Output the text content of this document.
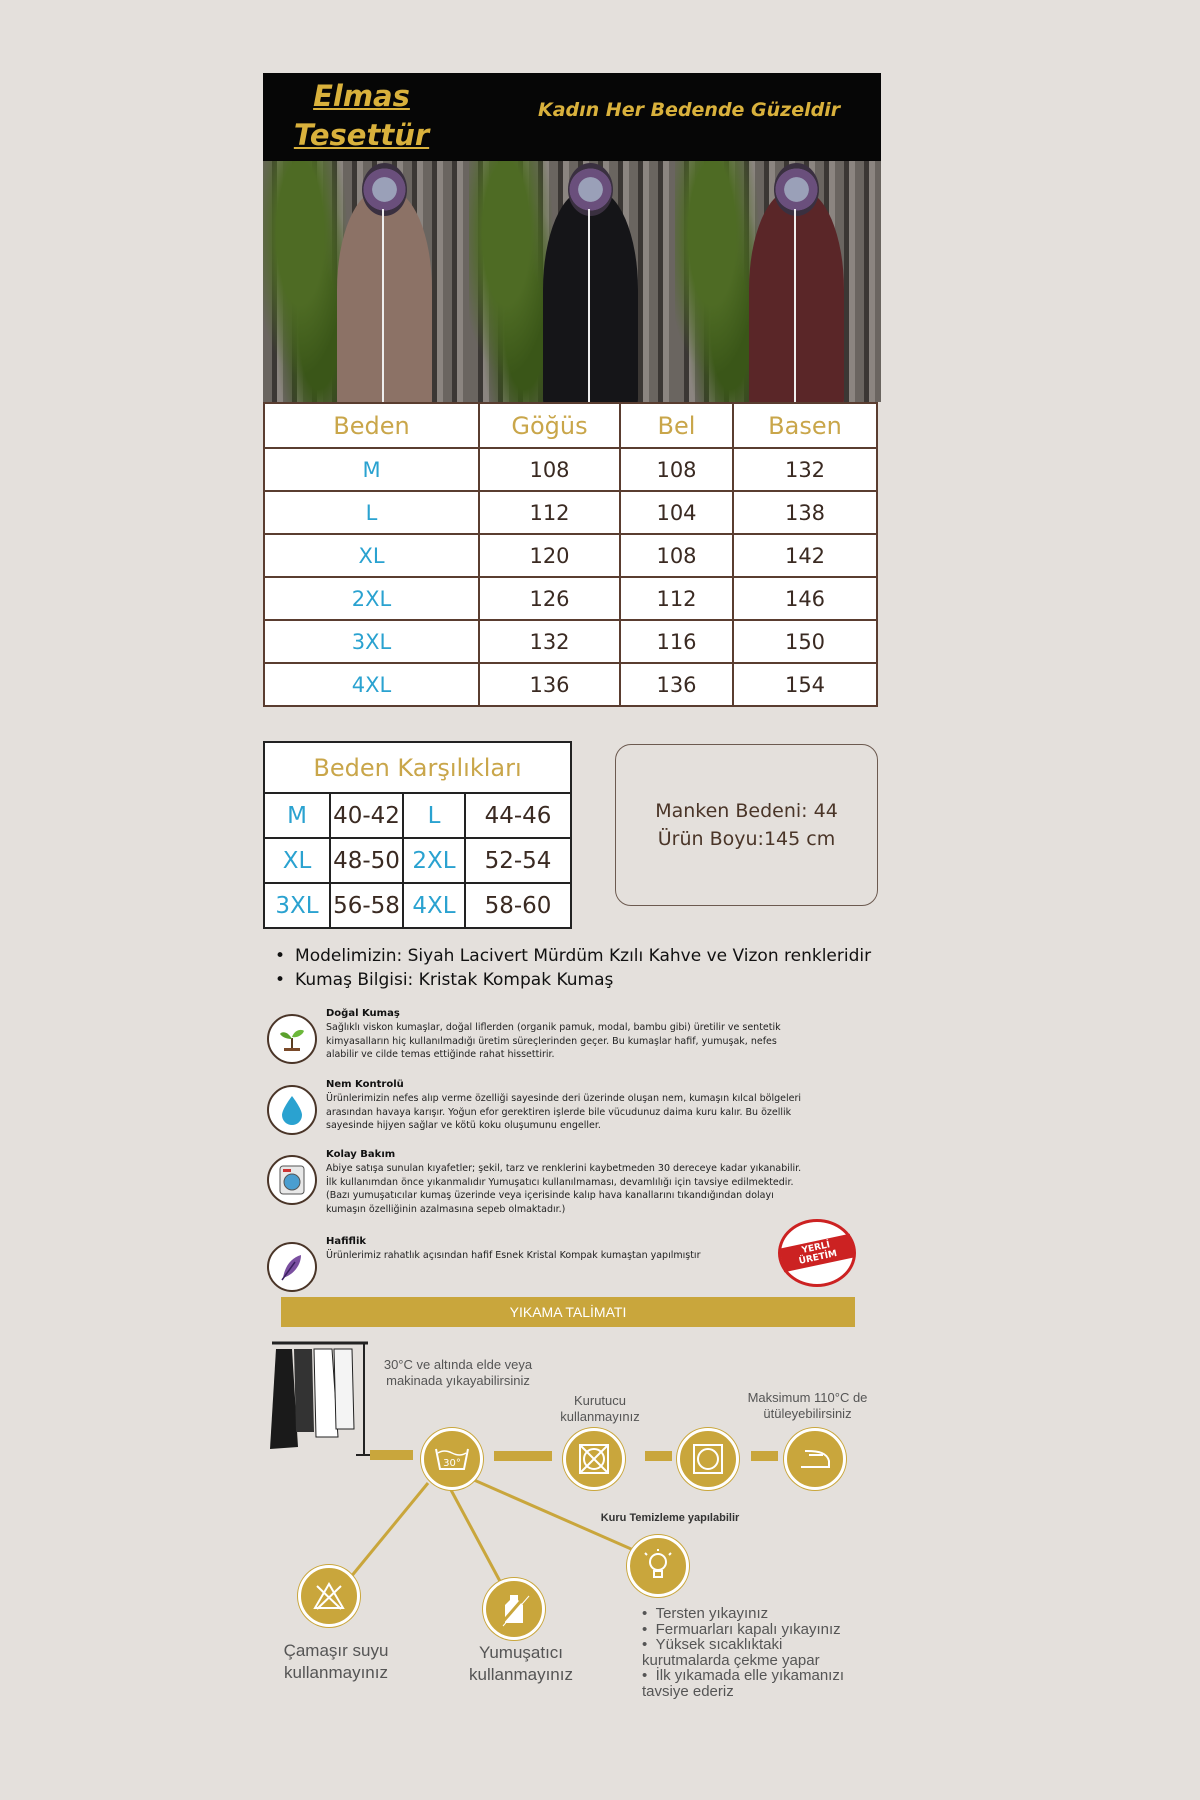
Elmas
Tesettür
Kadın Her Bedende Güzeldir
Beden	Göğüs	Bel	Basen
M	108	108	132
L	112	104	138
XL	120	108	142
2XL	126	112	146
3XL	132	116	150
4XL	136	136	154
Beden Karşılıkları			
M	40-42	L	44-46
XL	48-50	2XL	52-54
3XL	56-58	4XL	58-60
Manken Bedeni: 44
Ürün Boyu:145 cm
• Modelimizin: Siyah Lacivert Mürdüm Kzılı Kahve ve Vizon renkleridir
• Kumaş Bilgisi: Kristak Kompak Kumaş
Doğal Kumaş
Sağlıklı viskon kumaşlar, doğal liflerden (organik pamuk, modal, bambu gibi) üretilir ve sentetik kimyasalların hiç kullanılmadığı üretim süreçlerinden geçer. Bu kumaşlar hafif, yumuşak, nefes alabilir ve cilde temas ettiğinde rahat hissettirir.
Nem Kontrolü
Ürünlerimizin nefes alıp verme özelliği sayesinde deri üzerinde oluşan nem, kumaşın kılcal bölgeleri arasından havaya karışır. Yoğun efor gerektiren işlerde bile vücudunuz daima kuru kalır. Bu özellik sayesinde hijyen sağlar ve kötü koku oluşumunu engeller.
Kolay Bakım
Abiye satışa sunulan kıyafetler; şekil, tarz ve renklerini kaybetmeden 30 dereceye kadar yıkanabilir. İlk kullanımdan önce yıkanmalıdır Yumuşatıcı kullanılmaması, devamlılığı için tavsiye edilmektedir. (Bazı yumuşatıcılar kumaş üzerinde veya içerisinde kalıp hava kanallarını tıkandığından dolayı kumaşın özelliğinin azalmasına sepeb olmaktadır.)
Hafiflik
Ürünlerimiz rahatlık açısından hafif Esnek Kristal Kompak kumaştan yapılmıştır	YERLİ ÜRETİM
YIKAMA TALİMATI
30°
30°C ve altında elde veya makinada yıkayabilirsiniz
Kurutucu kullanmayınız
Maksimum 110°C de ütüleyebilirsiniz
Kuru Temizleme yapılabilir
Çamaşır suyu kullanmayınız
Yumuşatıcı kullanmayınız
•  Tersten yıkayınız
•  Fermuarları kapalı yıkayınız
•  Yüksek sıcaklıktaki kurutmalarda çekme yapar
•  İlk yıkamada elle yıkamanızı tavsiye ederiz
